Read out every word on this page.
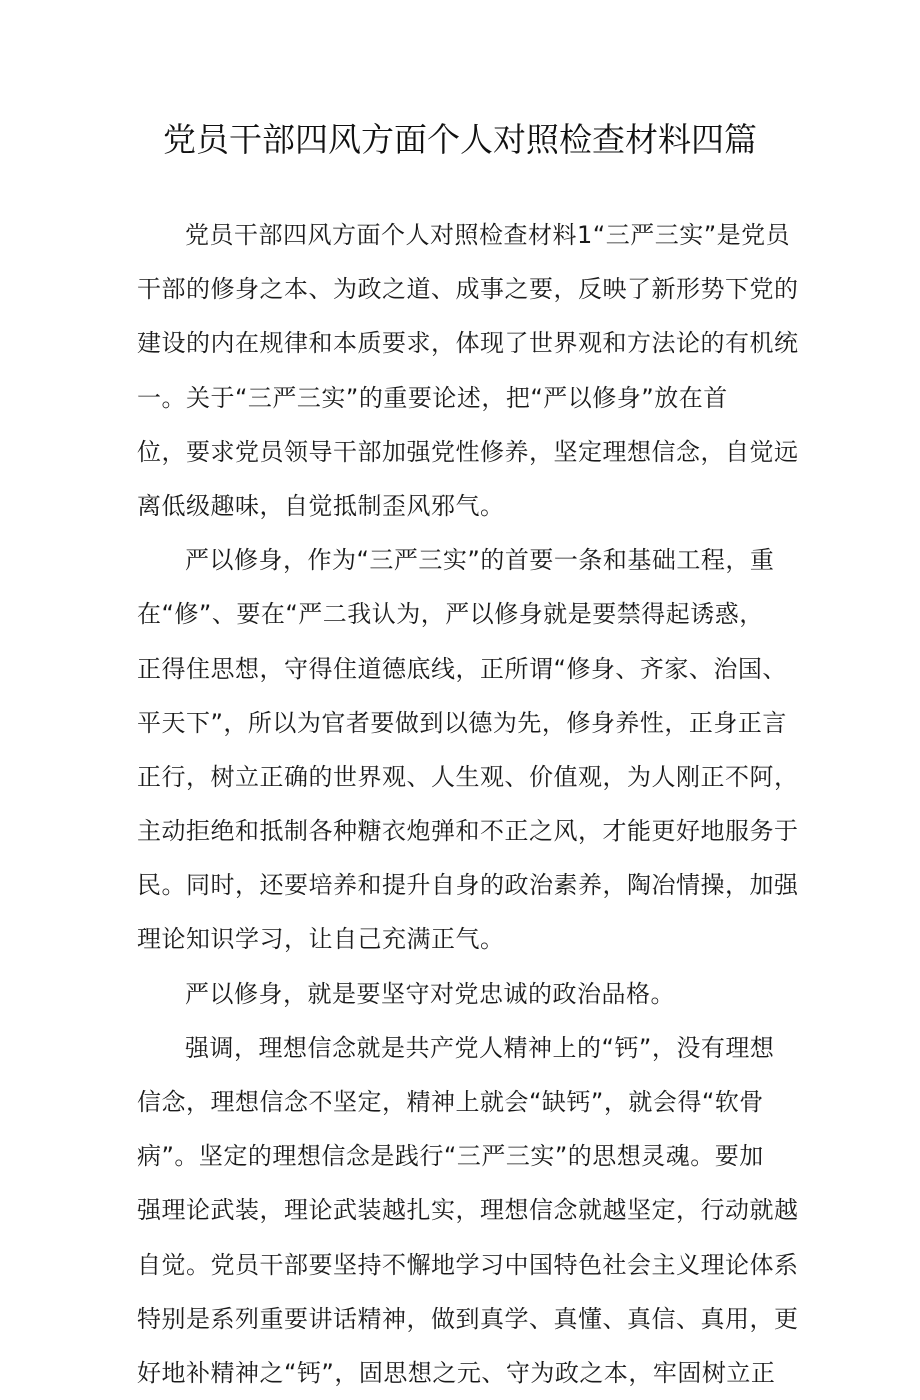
党员干部四风方面个人对照检查材料四篇
党员干部四风方面个人对照检查材料1“三严三实”是党员
干部的修身之本、为政之道、成事之要，反映了新形势下党的
建设的内在规律和本质要求，体现了世界观和方法论的有机统
一。关于“三严三实”的重要论述，把“严以修身”放在首
位，要求党员领导干部加强党性修养，坚定理想信念，自觉远
离低级趣味，自觉抵制歪风邪气。
严以修身，作为“三严三实”的首要一条和基础工程，重
在“修”、要在“严二我认为，严以修身就是要禁得起诱惑，
正得住思想，守得住道德底线，正所谓“修身、齐家、治国、
平天下”，所以为官者要做到以德为先，修身养性，正身正言
正行，树立正确的世界观、人生观、价值观，为人刚正不阿，
主动拒绝和抵制各种糖衣炮弹和不正之风，才能更好地服务于
民。同时，还要培养和提升自身的政治素养，陶冶情操，加强
理论知识学习，让自己充满正气。
严以修身，就是要坚守对党忠诚的政治品格。
强调，理想信念就是共产党人精神上的“钙”，没有理想
信念，理想信念不坚定，精神上就会“缺钙”，就会得“软骨
病”。坚定的理想信念是践行“三严三实”的思想灵魂。要加
强理论武装，理论武装越扎实，理想信念就越坚定，行动就越
自觉。党员干部要坚持不懈地学习中国特色社会主义理论体系
特别是系列重要讲话精神，做到真学、真懂、真信、真用，更
好地补精神之“钙”，固思想之元、守为政之本，牢固树立正
